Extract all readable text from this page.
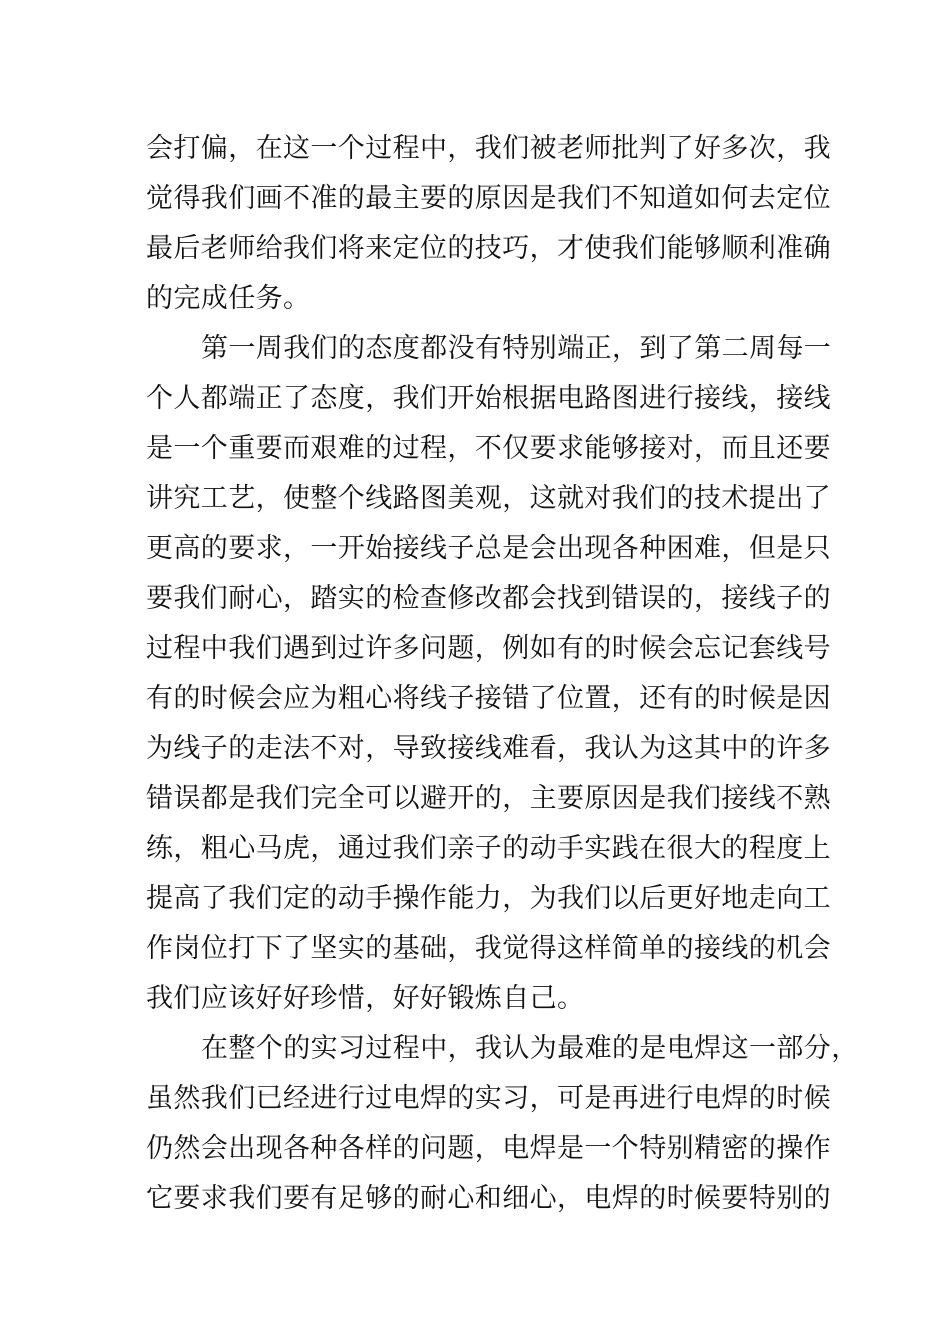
会打偏，在这一个过程中，我们被老师批判了好多次，我
觉得我们画不准的最主要的原因是我们不知道如何去定位
最后老师给我们将来定位的技巧，才使我们能够顺利准确
的完成任务。
第一周我们的态度都没有特别端正，到了第二周每一
个人都端正了态度，我们开始根据电路图进行接线，接线
是一个重要而艰难的过程，不仅要求能够接对，而且还要
讲究工艺，使整个线路图美观，这就对我们的技术提出了
更高的要求，一开始接线子总是会出现各种困难，但是只
要我们耐心，踏实的检查修改都会找到错误的，接线子的
过程中我们遇到过许多问题，例如有的时候会忘记套线号
有的时候会应为粗心将线子接错了位置，还有的时候是因
为线子的走法不对，导致接线难看，我认为这其中的许多
错误都是我们完全可以避开的，主要原因是我们接线不熟
练，粗心马虎，通过我们亲子的动手实践在很大的程度上
提高了我们定的动手操作能力，为我们以后更好地走向工
作岗位打下了坚实的基础，我觉得这样简单的接线的机会
我们应该好好珍惜，好好锻炼自己。
在整个的实习过程中，我认为最难的是电焊这一部分，
虽然我们已经进行过电焊的实习，可是再进行电焊的时候
仍然会出现各种各样的问题，电焊是一个特别精密的操作
它要求我们要有足够的耐心和细心，电焊的时候要特别的
